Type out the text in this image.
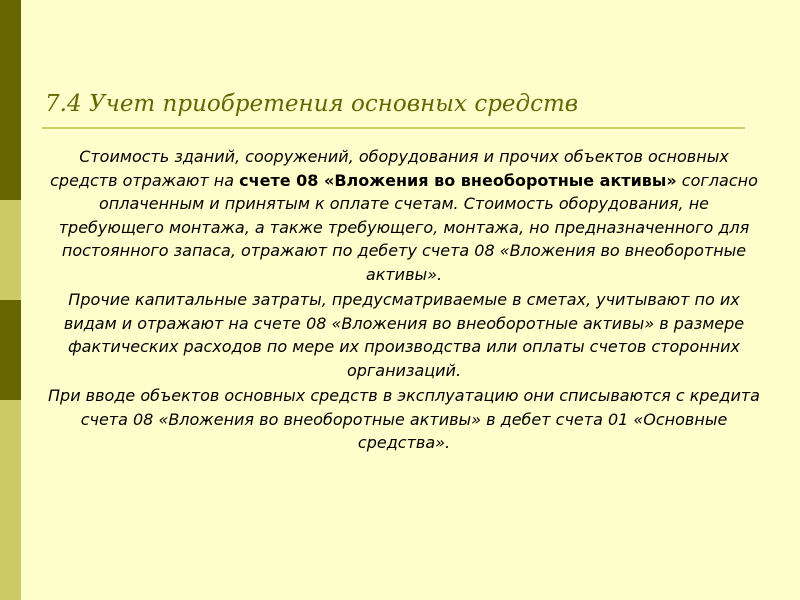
7.4 Учет приобретения основных средств

Стоимость зданий, сооружений, оборудования и прочих объектов основных средств отражают на счете 08 «Вложения во внеоборотные активы» согласно оплаченным и принятым к оплате счетам. Стоимость оборудования, не требующего монтажа, а также требующего, монтажа, но предназначенного для постоянного запаса, отражают по дебету счета 08 «Вложения во внеоборотные активы».

Прочие капитальные затраты, предусматриваемые в сметах, учитывают по их видам и отражают на счете 08 «Вложения во внеоборотные активы» в размере фактических расходов по мере их производства или оплаты счетов сторонних организаций.

При вводе объектов основных средств в эксплуатацию они списываются с кредита счета 08 «Вложения во внеоборотные активы» в дебет счета 01 «Основные средства».
